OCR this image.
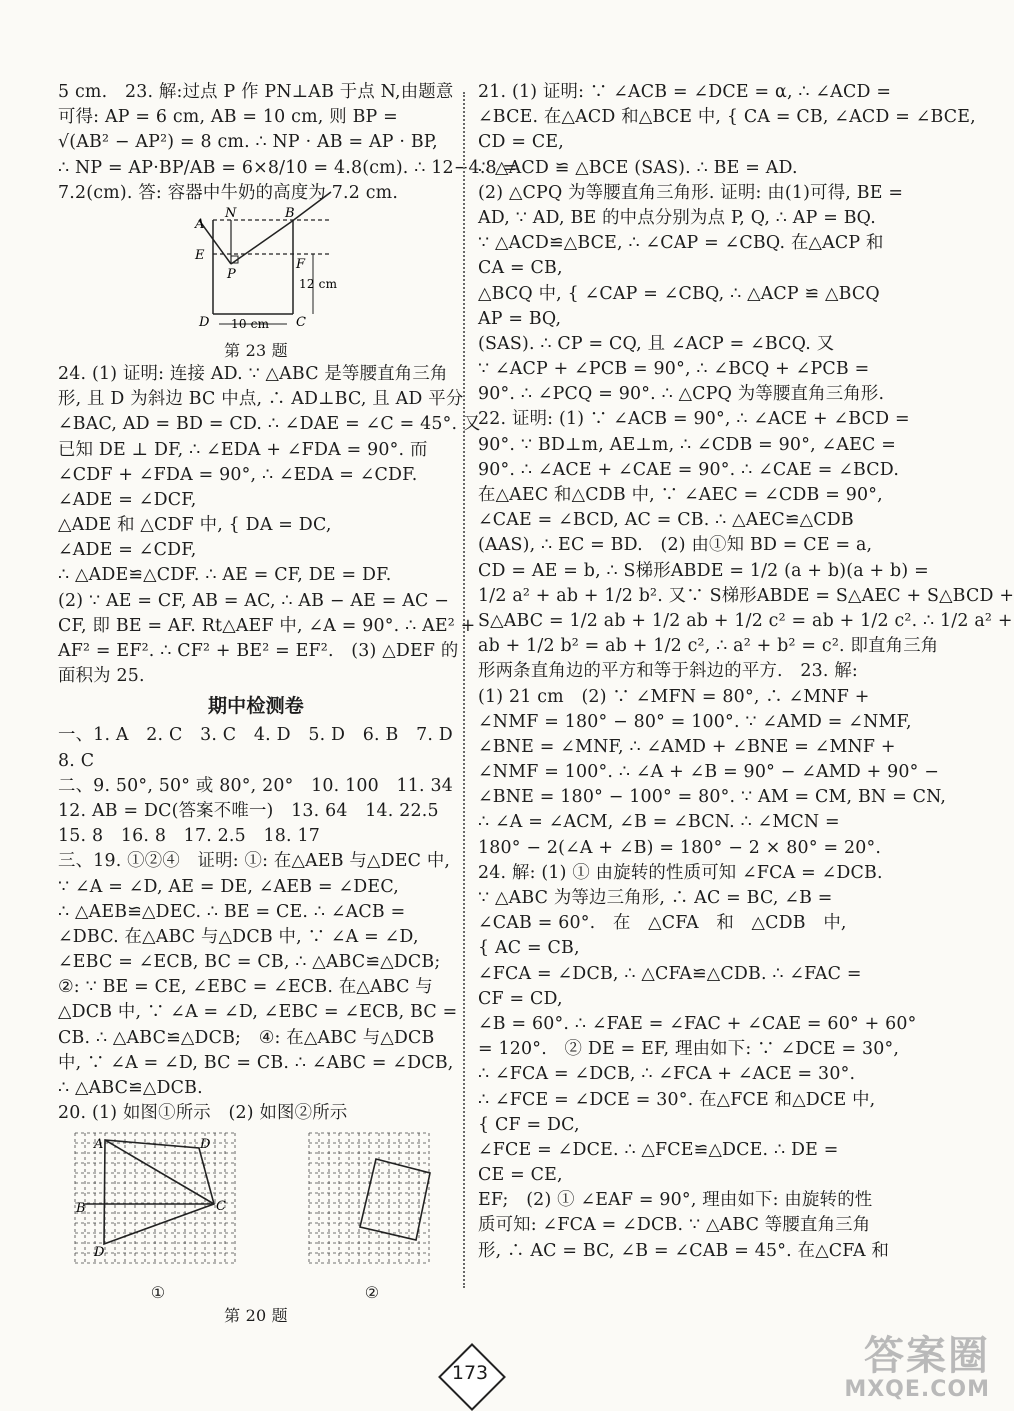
5 cm.　23. 解:过点 P 作 PN⊥AB 于点 N,由题意
可得: AP = 6 cm, AB = 10 cm, 则 BP =
√(AB² − AP²) = 8 cm. ∴ NP · AB = AP · BP,
∴ NP = AP·BP/AB = 6×8/10 = 4.8(cm). ∴ 12−4.8 =
7.2(cm). 答: 容器中牛奶的高度为 7.2 cm.
A
N	B
E
P
F
D	C
10 cm
12 cm
第 23 题
24. (1) 证明: 连接 AD. ∵ △ABC 是等腰直角三角
形, 且 D 为斜边 BC 中点, ∴ AD⊥BC, 且 AD 平分
∠BAC, AD = BD = CD. ∴ ∠DAE = ∠C = 45°. 又
已知 DE ⊥ DF, ∴ ∠EDA + ∠FDA = 90°. 而
∠CDF + ∠FDA = 90°, ∴ ∠EDA = ∠CDF.
∠ADE = ∠DCF,
△ADE 和 △CDF 中, { DA = DC,
∠ADE = ∠CDF,
∴ △ADE≌△CDF. ∴ AE = CF, DE = DF.
(2) ∵ AE = CF, AB = AC, ∴ AB − AE = AC −
CF, 即 BE = AF. Rt△AEF 中, ∠A = 90°. ∴ AE² +
AF² = EF². ∴ CF² + BE² = EF².　(3) △DEF 的
面积为 25.
期中检测卷
一、1. A　2. C　3. C　4. D　5. D　6. B　7. D
8. C
二、9. 50°, 50° 或 80°, 20°　10. 100　11. 34
12. AB = DC(答案不唯一)　13. 64　14. 22.5
15. 8　16. 8　17. 2.5　18. 17
三、19. ①②④　证明: ①: 在△AEB 与△DEC 中,
∵ ∠A = ∠D, AE = DE, ∠AEB = ∠DEC,
∴ △AEB≌△DEC. ∴ BE = CE. ∴ ∠ACB =
∠DBC. 在△ABC 与△DCB 中, ∵ ∠A = ∠D,
∠EBC = ∠ECB, BC = CB, ∴ △ABC≌△DCB;
②: ∵ BE = CE, ∠EBC = ∠ECB. 在△ABC 与
△DCB 中, ∵ ∠A = ∠D, ∠EBC = ∠ECB, BC =
CB. ∴ △ABC≌△DCB;　④: 在△ABC 与△DCB
中, ∵ ∠A = ∠D, BC = CB. ∴ ∠ABC = ∠DCB,
∴ △ABC≌△DCB.
20. (1) 如图①所示　(2) 如图②所示
A	D
B	C
D
①	②
第 20 题
21. (1) 证明: ∵ ∠ACB = ∠DCE = α, ∴ ∠ACD =
∠BCE. 在△ACD 和△BCE 中, { CA = CB, ∠ACD = ∠BCE,
CD = CE,
∴ △ACD ≌ △BCE (SAS). ∴ BE = AD.
(2) △CPQ 为等腰直角三角形. 证明: 由(1)可得, BE =
AD, ∵ AD, BE 的中点分别为点 P, Q, ∴ AP = BQ.
∵ △ACD≌△BCE, ∴ ∠CAP = ∠CBQ. 在△ACP 和
CA = CB,
△BCQ 中, { ∠CAP = ∠CBQ, ∴ △ACP ≌ △BCQ
AP = BQ,
(SAS). ∴ CP = CQ, 且 ∠ACP = ∠BCQ. 又
∵ ∠ACP + ∠PCB = 90°, ∴ ∠BCQ + ∠PCB =
90°. ∴ ∠PCQ = 90°. ∴ △CPQ 为等腰直角三角形.
22. 证明: (1) ∵ ∠ACB = 90°, ∴ ∠ACE + ∠BCD =
90°. ∵ BD⊥m, AE⊥m, ∴ ∠CDB = 90°, ∠AEC =
90°. ∴ ∠ACE + ∠CAE = 90°. ∴ ∠CAE = ∠BCD.
在△AEC 和△CDB 中, ∵ ∠AEC = ∠CDB = 90°,
∠CAE = ∠BCD, AC = CB. ∴ △AEC≌△CDB
(AAS), ∴ EC = BD.　(2) 由①知 BD = CE = a,
CD = AE = b, ∴ S梯形ABDE = 1/2 (a + b)(a + b) =
1/2 a² + ab + 1/2 b². 又∵ S梯形ABDE = S△AEC + S△BCD +
S△ABC = 1/2 ab + 1/2 ab + 1/2 c² = ab + 1/2 c². ∴ 1/2 a² +
ab + 1/2 b² = ab + 1/2 c², ∴ a² + b² = c². 即直角三角
形两条直角边的平方和等于斜边的平方.　23. 解:
(1) 21 cm　(2) ∵ ∠MFN = 80°, ∴ ∠MNF +
∠NMF = 180° − 80° = 100°. ∵ ∠AMD = ∠NMF,
∠BNE = ∠MNF, ∴ ∠AMD + ∠BNE = ∠MNF +
∠NMF = 100°. ∴ ∠A + ∠B = 90° − ∠AMD + 90° −
∠BNE = 180° − 100° = 80°. ∵ AM = CM, BN = CN,
∴ ∠A = ∠ACM, ∠B = ∠BCN. ∴ ∠MCN =
180° − 2(∠A + ∠B) = 180° − 2 × 80° = 20°.
24. 解: (1) ① 由旋转的性质可知 ∠FCA = ∠DCB.
∵ △ABC 为等边三角形, ∴ AC = BC, ∠B =
∠CAB = 60°.　在　△CFA　和　△CDB　中,
{ AC = CB,
∠FCA = ∠DCB, ∴ △CFA≌△CDB. ∴ ∠FAC =
CF = CD,
∠B = 60°. ∴ ∠FAE = ∠FAC + ∠CAE = 60° + 60°
= 120°.　② DE = EF, 理由如下: ∵ ∠DCE = 30°,
∴ ∠FCA = ∠DCB, ∴ ∠FCA + ∠ACE = 30°.
∴ ∠FCE = ∠DCE = 30°. 在△FCE 和△DCE 中,
{ CF = DC,
∠FCE = ∠DCE. ∴ △FCE≌△DCE. ∴ DE =
CE = CE,
EF;　(2) ① ∠EAF = 90°, 理由如下: 由旋转的性
质可知: ∠FCA = ∠DCB. ∵ △ABC 等腰直角三角
形, ∴ AC = BC, ∠B = ∠CAB = 45°. 在△CFA 和
173	答案圈
MXQE.COM
